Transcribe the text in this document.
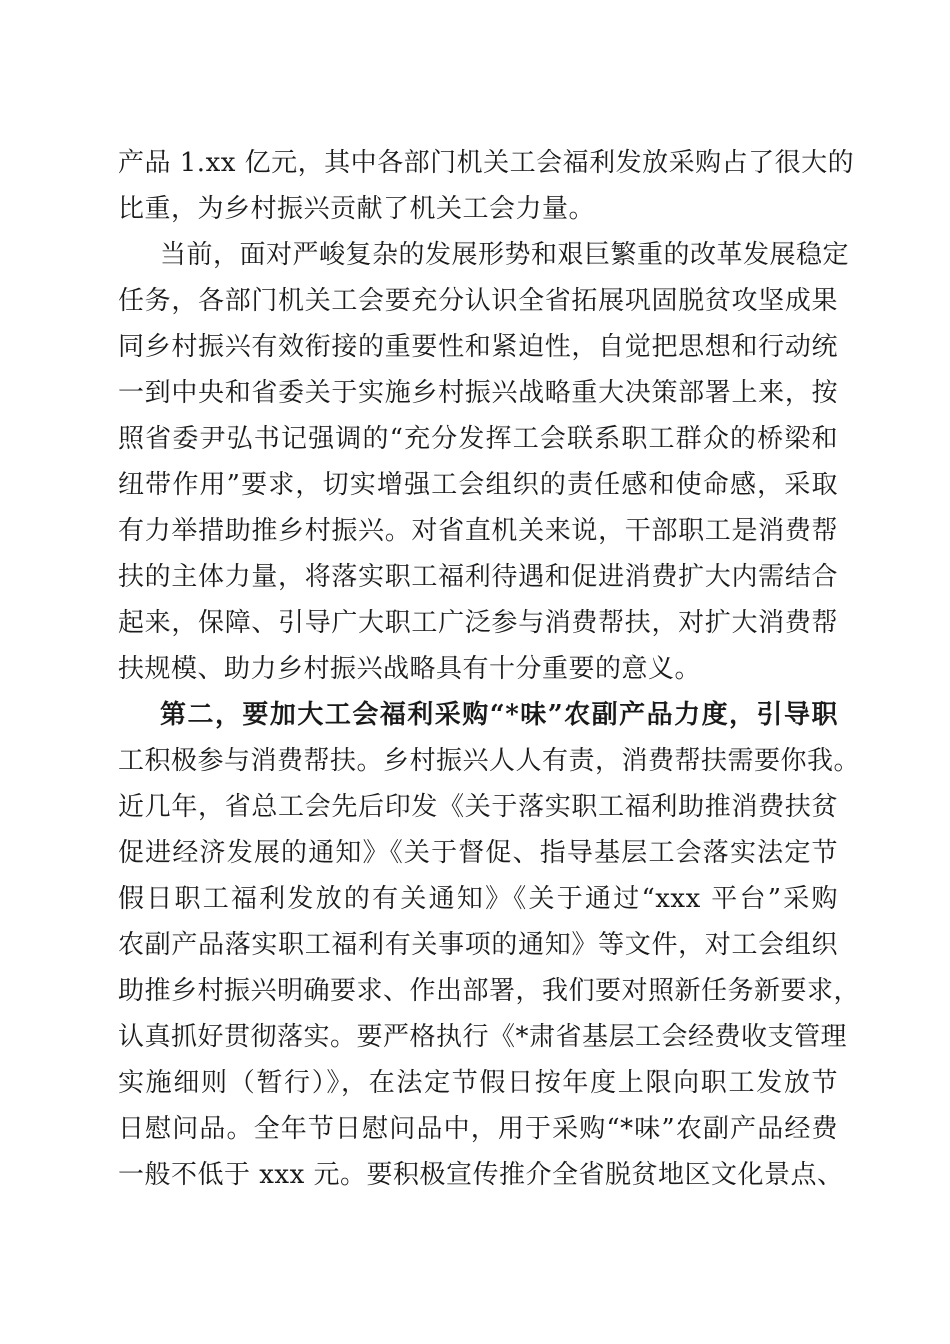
产品 1.xx 亿元，其中各部门机关工会福利发放采购占了很大的
比重，为乡村振兴贡献了机关工会力量。
当前，面对严峻复杂的发展形势和艰巨繁重的改革发展稳定
任务，各部门机关工会要充分认识全省拓展巩固脱贫攻坚成果
同乡村振兴有效衔接的重要性和紧迫性，自觉把思想和行动统
一到中央和省委关于实施乡村振兴战略重大决策部署上来，按
照省委尹弘书记强调的“充分发挥工会联系职工群众的桥梁和
纽带作用”要求，切实增强工会组织的责任感和使命感，采取
有力举措助推乡村振兴。对省直机关来说，干部职工是消费帮
扶的主体力量，将落实职工福利待遇和促进消费扩大内需结合
起来，保障、引导广大职工广泛参与消费帮扶，对扩大消费帮
扶规模、助力乡村振兴战略具有十分重要的意义。
第二，要加大工会福利采购“*味”农副产品力度，引导职
工积极参与消费帮扶。乡村振兴人人有责，消费帮扶需要你我。
近几年，省总工会先后印发《关于落实职工福利助推消费扶贫
促进经济发展的通知》《关于督促、指导基层工会落实法定节
假日职工福利发放的有关通知》《关于通过“xxx 平台”采购
农副产品落实职工福利有关事项的通知》等文件，对工会组织
助推乡村振兴明确要求、作出部署，我们要对照新任务新要求，
认真抓好贯彻落实。要严格执行《*肃省基层工会经费收支管理
实施细则（暂行）》，在法定节假日按年度上限向职工发放节
日慰问品。全年节日慰问品中，用于采购“*味”农副产品经费
一般不低于 xxx 元。要积极宣传推介全省脱贫地区文化景点、
